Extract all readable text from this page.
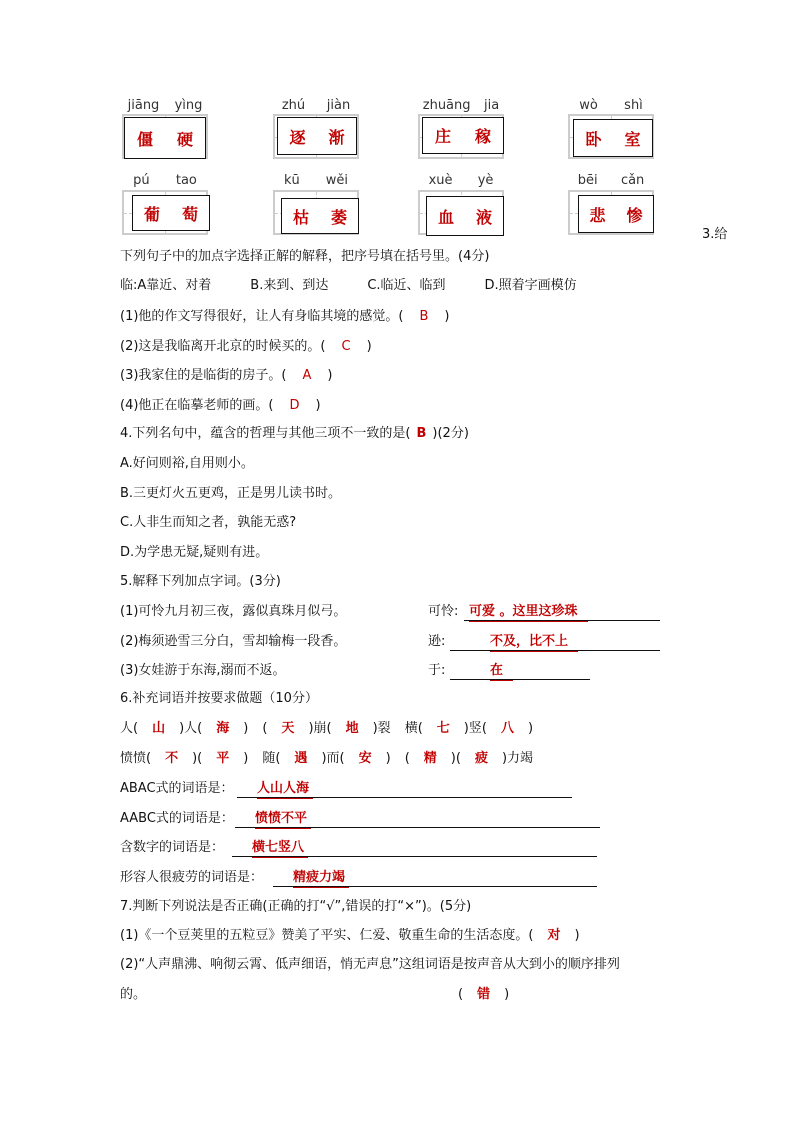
jiāng yìng
僵 硬
zhú jiàn
逐 渐
zhuāng jia
庄 稼
wò shì
卧 室
pú tao
葡 萄
kū wěi
枯 萎
xuè yè
血 液
bēi cǎn
悲 惨
3.给
下列句子中的加点字选择正解的解释，把序号填在括号里。(4分)
临:A靠近、对着　　　B.来到、到达　　　C.临近、临到　　　D.照着字画模仿
(1)他的作文写得很好，让人有身临其境的感觉。( B )
(2)这是我临离开北京的时候买的。( C )
(3)我家住的是临街的房子。( A )
(4)他正在临摹老师的画。( D )
4.下列名句中，蕴含的哲理与其他三项不一致的是( B )(2分)
A.好问则裕,自用则小。
B.三更灯火五更鸡，正是男儿读书时。
C.人非生而知之者，孰能无惑?
D.为学患无疑,疑则有进。
5.解释下列加点字词。(3分)
(1)可怜九月初三夜，露似真珠月似弓。	可怜: 可爱 。这里这珍珠
(2)梅须逊雪三分白，雪却输梅一段香。	逊:	不及，比不上
(3)女娃游于东海,溺而不返。	于:	在
6.补充词语并按要求做题（10分）
人( 山 )人( 海 ) ( 天 )崩( 地 )裂 横( 七 )竖( 八 )
愤愤( 不 )( 平 ) 随( 遇 )而( 安 ) ( 精 )( 疲 )力竭
ABAC式的词语是： 人山人海
AABC式的词语是： 愤愤不平
含数字的词语是： 横七竖八
形容人很疲劳的词语是： 精疲力竭
7.判断下列说法是否正确(正确的打“√”,错误的打“×”)。(5分)
(1)《一个豆荚里的五粒豆》赞美了平实、仁爱、敬重生命的生活态度。( 对 )
(2)“人声鼎沸、响彻云霄、低声细语，悄无声息”这组词语是按声音从大到小的顺序排列
的。	( 错 )
